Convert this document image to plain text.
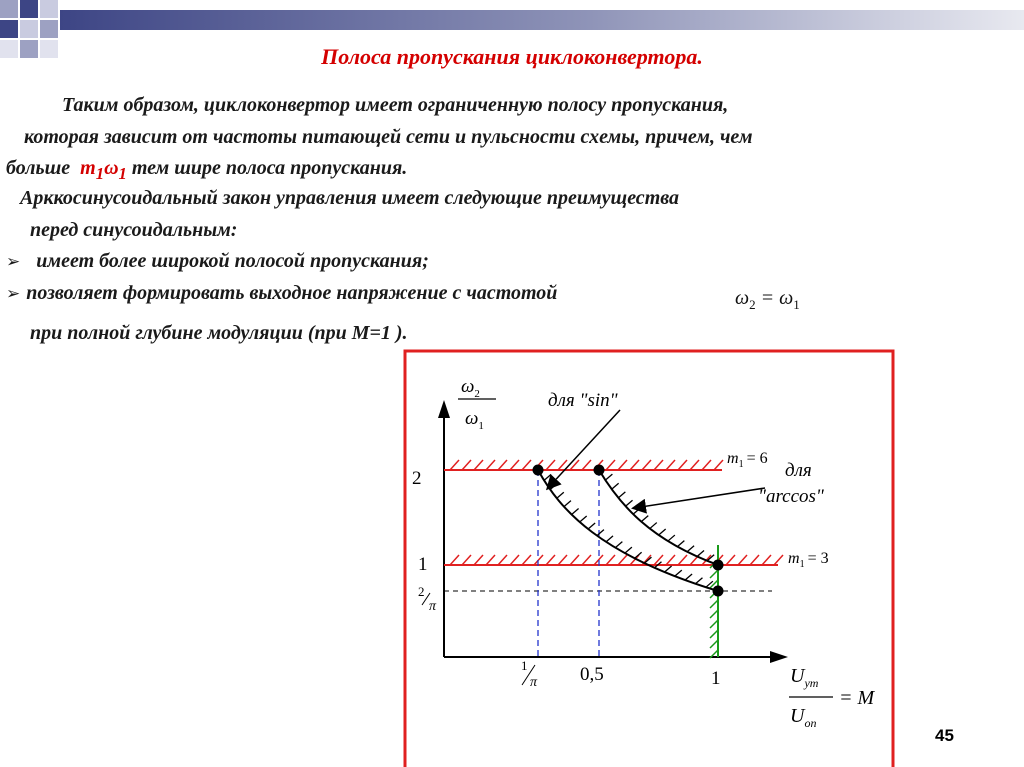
Полоса пропускания циклоконвертора.
Таким образом, циклоконвертор имеет ограниченную полосу пропускания,
которая зависит от частоты питающей сети и пульсности схемы, причем, чем
больше $m_1\omega_1$ тем шире полоса пропускания.
Арккосинусоидальный закон управления имеет следующие преимущества
перед синусоидальным:
➢ имеет более широкой полосой пропускания;
➢ позволяет формировать выходное напряжение с частотой	$\omega_2 = \omega_1$
при полной глубине модуляции (при М=1 ).
$\omega_2$
$\omega_1$
2
1
2
π
1
π 0,5	1	$U_{ym}$
$U_{on}$
= M
для "sin"
для
"arccos"
$m_1 = 6$
$m_1 = 3$
45
